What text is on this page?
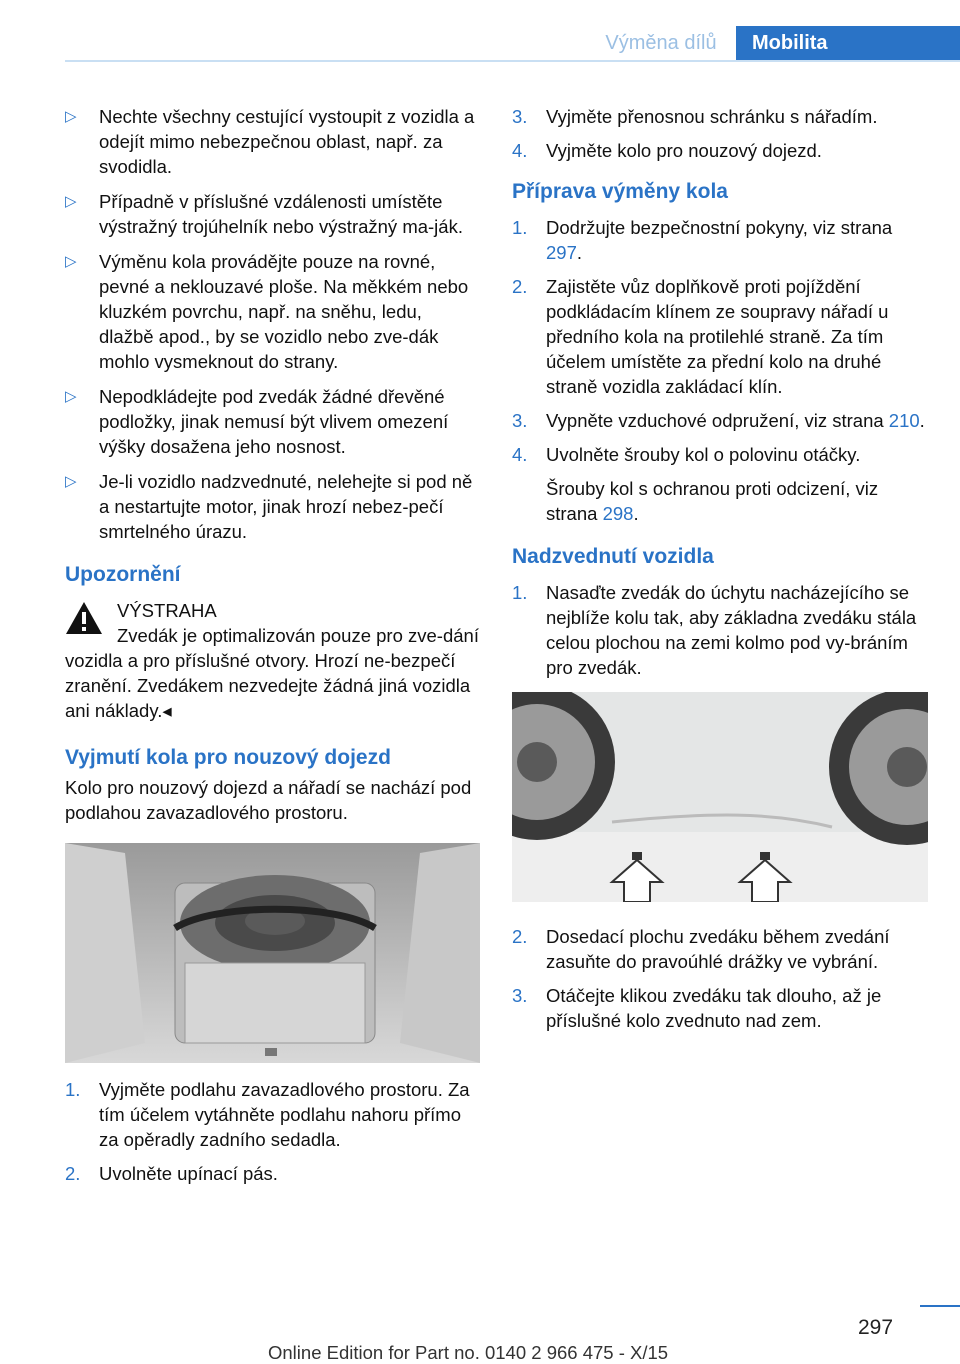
Výměna dílů	Mobilita
▷ Nechte všechny cestující vystoupit z vozidla a odejít mimo nebezpečnou oblast, např. za svodidla.
▷ Případně v příslušné vzdálenosti umístěte výstražný trojúhelník nebo výstražný ma-ják.
▷ Výměnu kola provádějte pouze na rovné, pevné a neklouzavé ploše. Na měkkém nebo kluzkém povrchu, např. na sněhu, ledu, dlažbě apod., by se vozidlo nebo zve-dák mohlo vysmeknout do strany.
▷ Nepodkládejte pod zvedák žádné dřevěné podložky, jinak nemusí být vlivem omezení výšky dosažena jeho nosnost.
▷ Je-li vozidlo nadzvednuté, nelehejte si pod ně a nestartujte motor, jinak hrozí nebez-pečí smrtelného úrazu.
Upozornění
VÝSTRAHA
Zvedák je optimalizován pouze pro zve-dání vozidla a pro příslušné otvory. Hrozí ne-bezpečí zranění. Zvedákem nezvedejte žádná jiná vozidla ani náklady.◂
Vyjmutí kola pro nouzový dojezd
Kolo pro nouzový dojezd a nářadí se nachází pod podlahou zavazadlového prostoru.
1. Vyjměte podlahu zavazadlového prostoru. Za tím účelem vytáhněte podlahu nahoru přímo za opěradly zadního sedadla.
2. Uvolněte upínací pás.
3. Vyjměte přenosnou schránku s nářadím.
4. Vyjměte kolo pro nouzový dojezd.
Příprava výměny kola
1. Dodržujte bezpečnostní pokyny, viz strana 297.
2. Zajistěte vůz doplňkově proti pojíždění podkládacím klínem ze soupravy nářadí u předního kola na protilehlé straně. Za tím účelem umístěte za přední kolo na druhé straně vozidla zakládací klín.
3. Vypněte vzduchové odpružení, viz strana 210.
4. Uvolněte šrouby kol o polovinu otáčky.
Šrouby kol s ochranou proti odcizení, viz strana 298.
Nadzvednutí vozidla
1. Nasaďte zvedák do úchytu nacházejícího se nejblíže kolu tak, aby základna zvedáku stála celou plochou na zemi kolmo pod vy-bráním pro zvedák.
2. Dosedací plochu zvedáku během zvedání zasuňte do pravoúhlé drážky ve vybrání.
3. Otáčejte klikou zvedáku tak dlouho, až je příslušné kolo zvednuto nad zem.
297
Online Edition for Part no. 0140 2 966 475 - X/15
